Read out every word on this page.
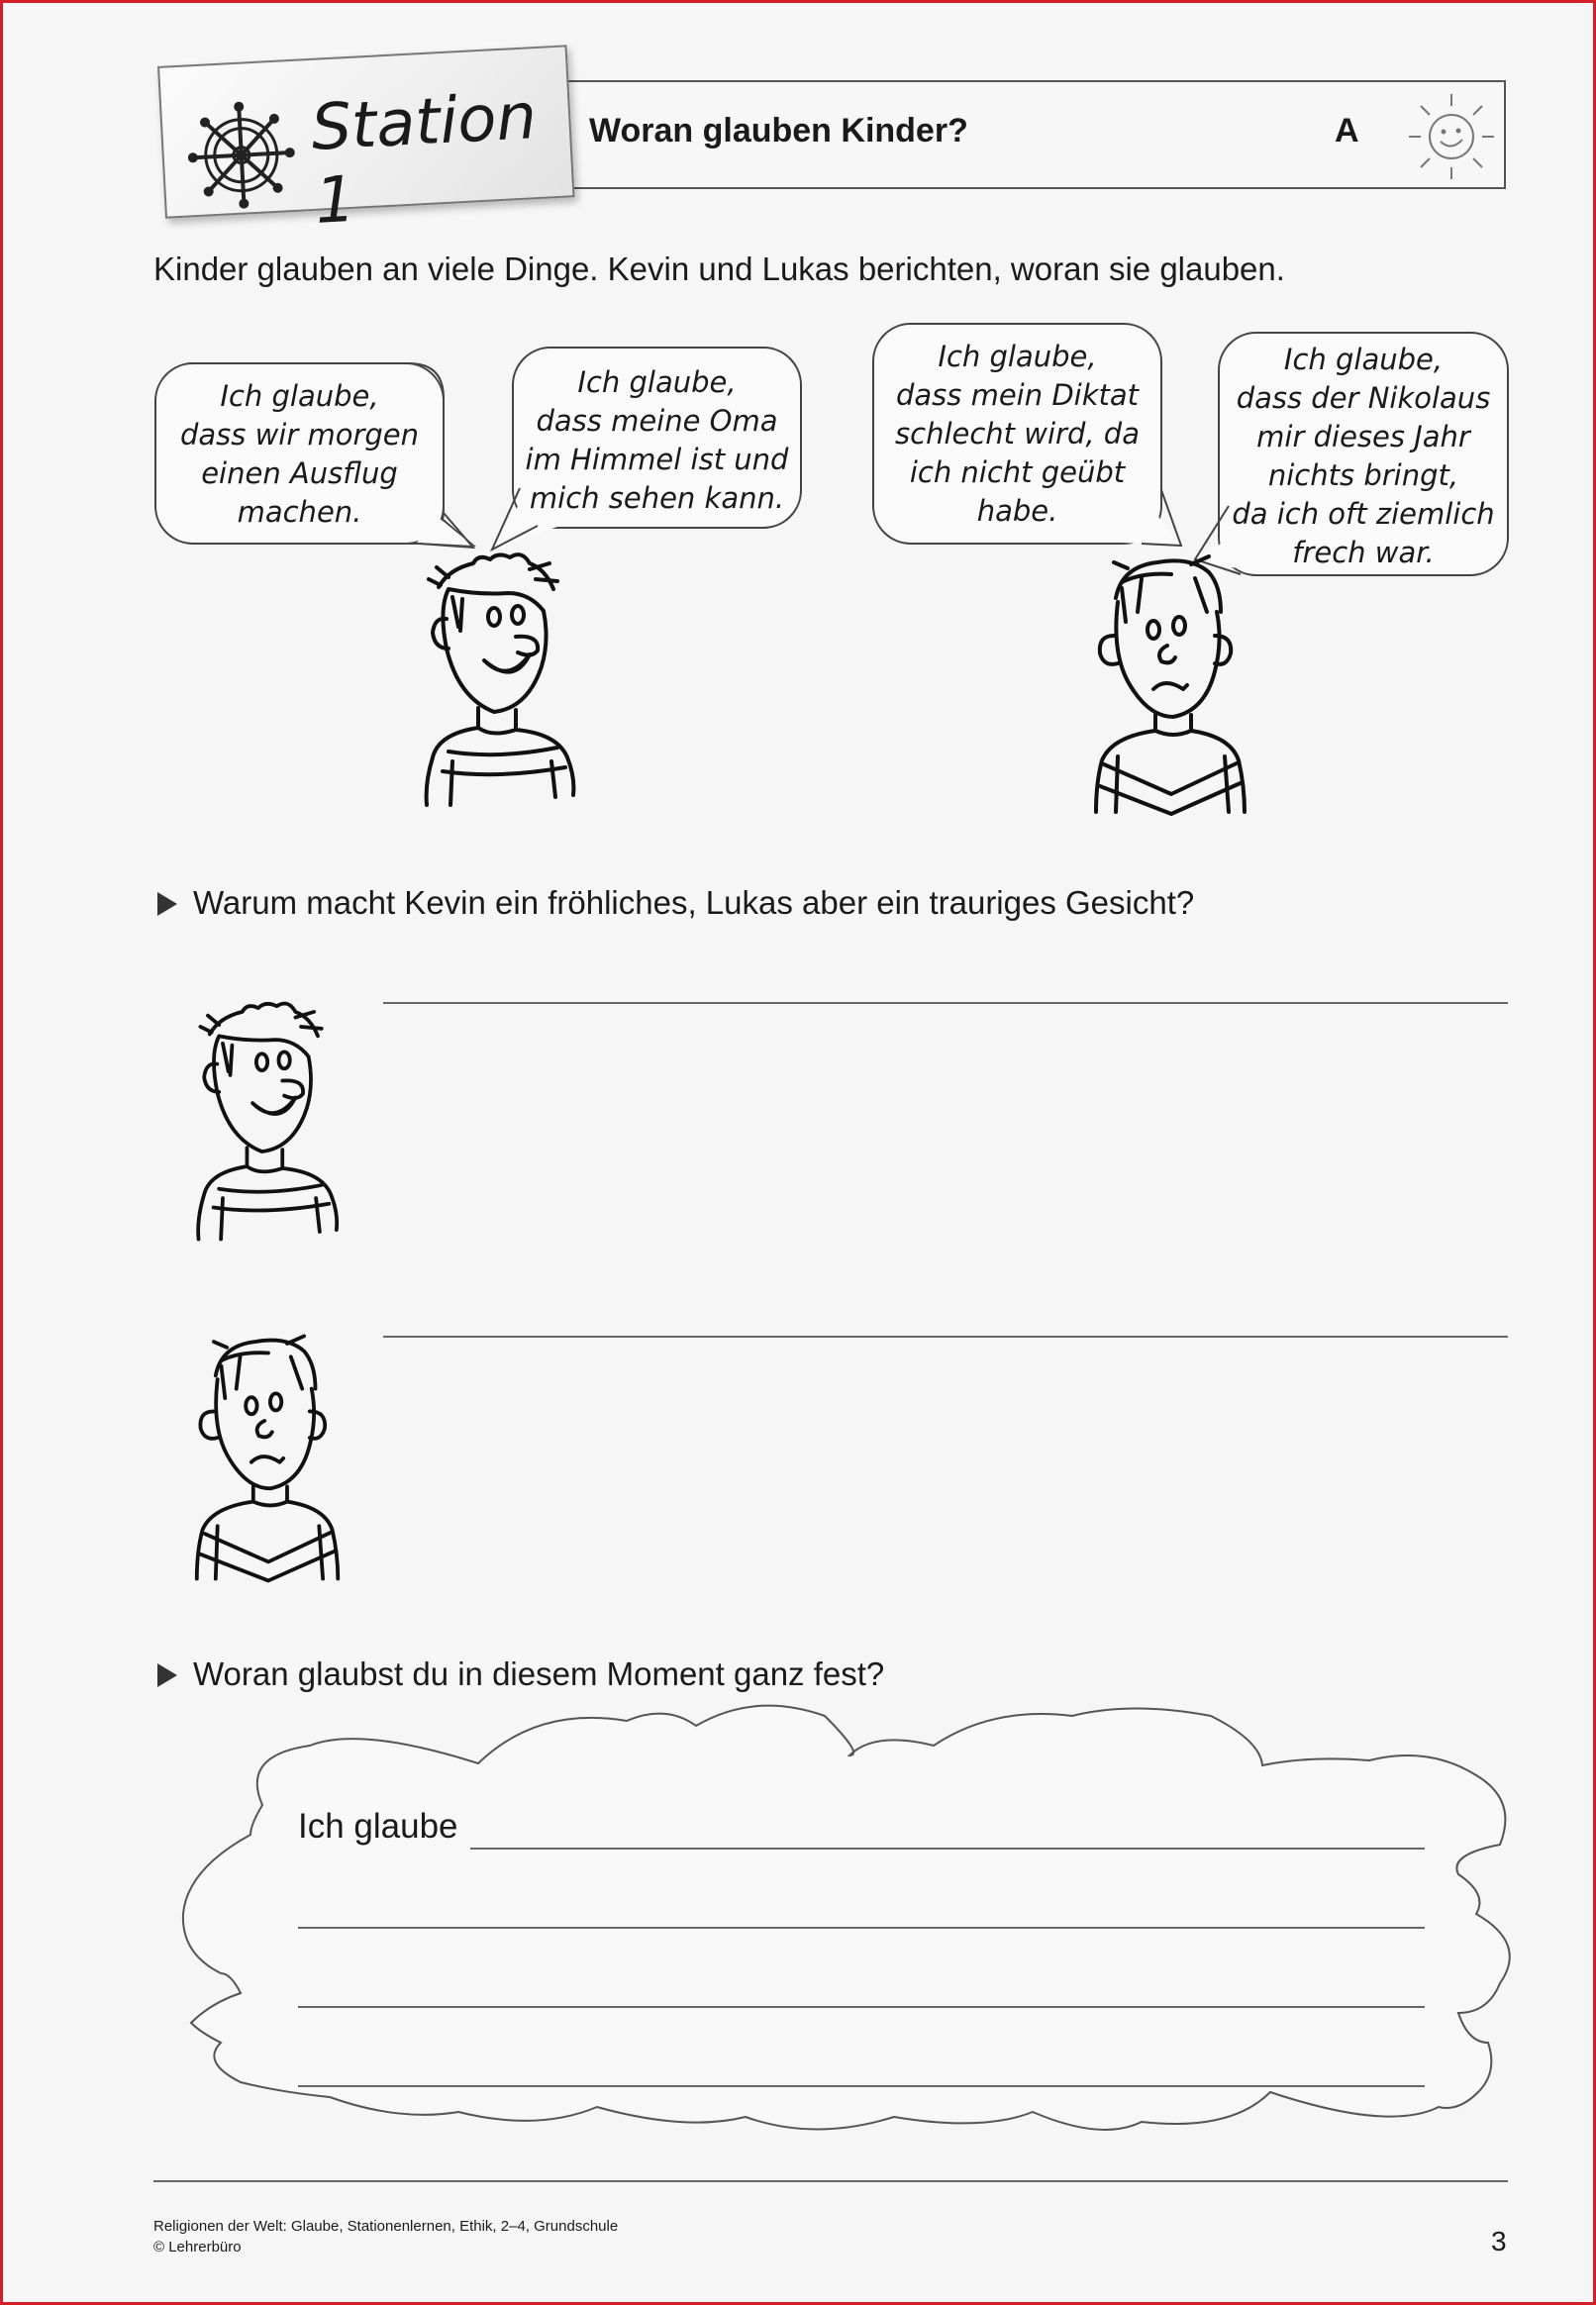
Station 1
Woran glauben Kinder?	A
Kinder glauben an viele Dinge. Kevin und Lukas berichten, woran sie glauben.
Ich glaube,
dass wir morgen
einen Ausflug
machen.
Ich glaube,
dass meine Oma
im Himmel ist und
mich sehen kann.
Ich glaube,
dass mein Diktat
schlecht wird, da
ich nicht geübt
habe.
Ich glaube,
dass der Nikolaus
mir dieses Jahr
nichts bringt,
da ich oft ziemlich
frech war.
Warum macht Kevin ein fröhliches, Lukas aber ein trauriges Gesicht?
Woran glaubst du in diesem Moment ganz fest?
Ich glaube
Religionen der Welt: Glaube, Stationenlernen, Ethik, 2–4, Grundschule
© Lehrerbüro	3
